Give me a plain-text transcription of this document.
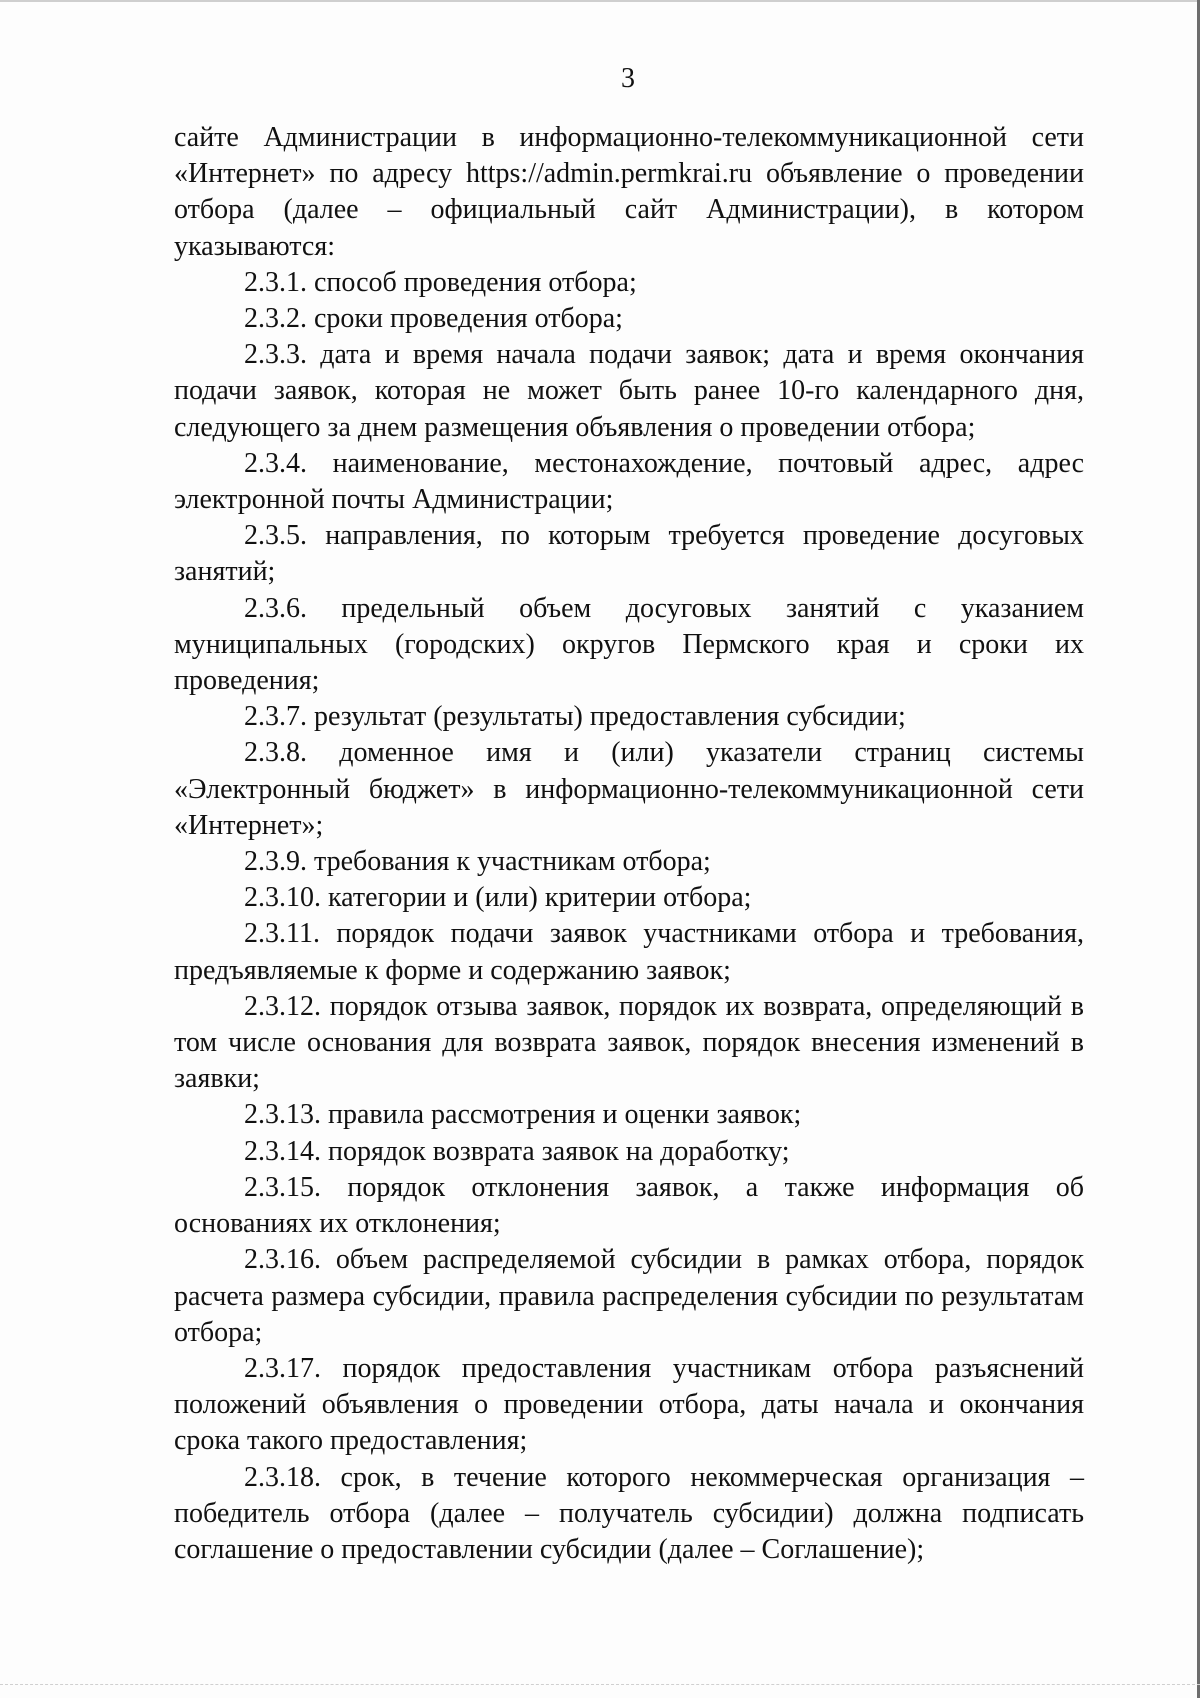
3

сайте Администрации в информационно-телекоммуникационной сети «Интернет» по адресу https://admin.permkrai.ru объявление о проведении отбора (далее – официальный сайт Администрации), в котором указываются:

2.3.1. способ проведения отбора;

2.3.2. сроки проведения отбора;

2.3.3. дата и время начала подачи заявок; дата и время окончания подачи заявок, которая не может быть ранее 10-го календарного дня, следующего за днем размещения объявления о проведении отбора;

2.3.4. наименование, местонахождение, почтовый адрес, адрес электронной почты Администрации;

2.3.5. направления, по которым требуется проведение досуговых занятий;

2.3.6. предельный объем досуговых занятий с указанием муниципальных (городских) округов Пермского края и сроки их проведения;

2.3.7. результат (результаты) предоставления субсидии;

2.3.8. доменное имя и (или) указатели страниц системы «Электронный бюджет» в информационно-телекоммуникационной сети «Интернет»;

2.3.9. требования к участникам отбора;

2.3.10. категории и (или) критерии отбора;

2.3.11. порядок подачи заявок участниками отбора и требования, предъявляемые к форме и содержанию заявок;

2.3.12. порядок отзыва заявок, порядок их возврата, определяющий в том числе основания для возврата заявок, порядок внесения изменений в заявки;

2.3.13. правила рассмотрения и оценки заявок;

2.3.14. порядок возврата заявок на доработку;

2.3.15. порядок отклонения заявок, а также информация об основаниях их отклонения;

2.3.16. объем распределяемой субсидии в рамках отбора, порядок расчета размера субсидии, правила распределения субсидии по результатам отбора;

2.3.17. порядок предоставления участникам отбора разъяснений положений объявления о проведении отбора, даты начала и окончания срока такого предоставления;

2.3.18. срок, в течение которого некоммерческая организация – победитель отбора (далее – получатель субсидии) должна подписать соглашение о предоставлении субсидии (далее – Соглашение);
